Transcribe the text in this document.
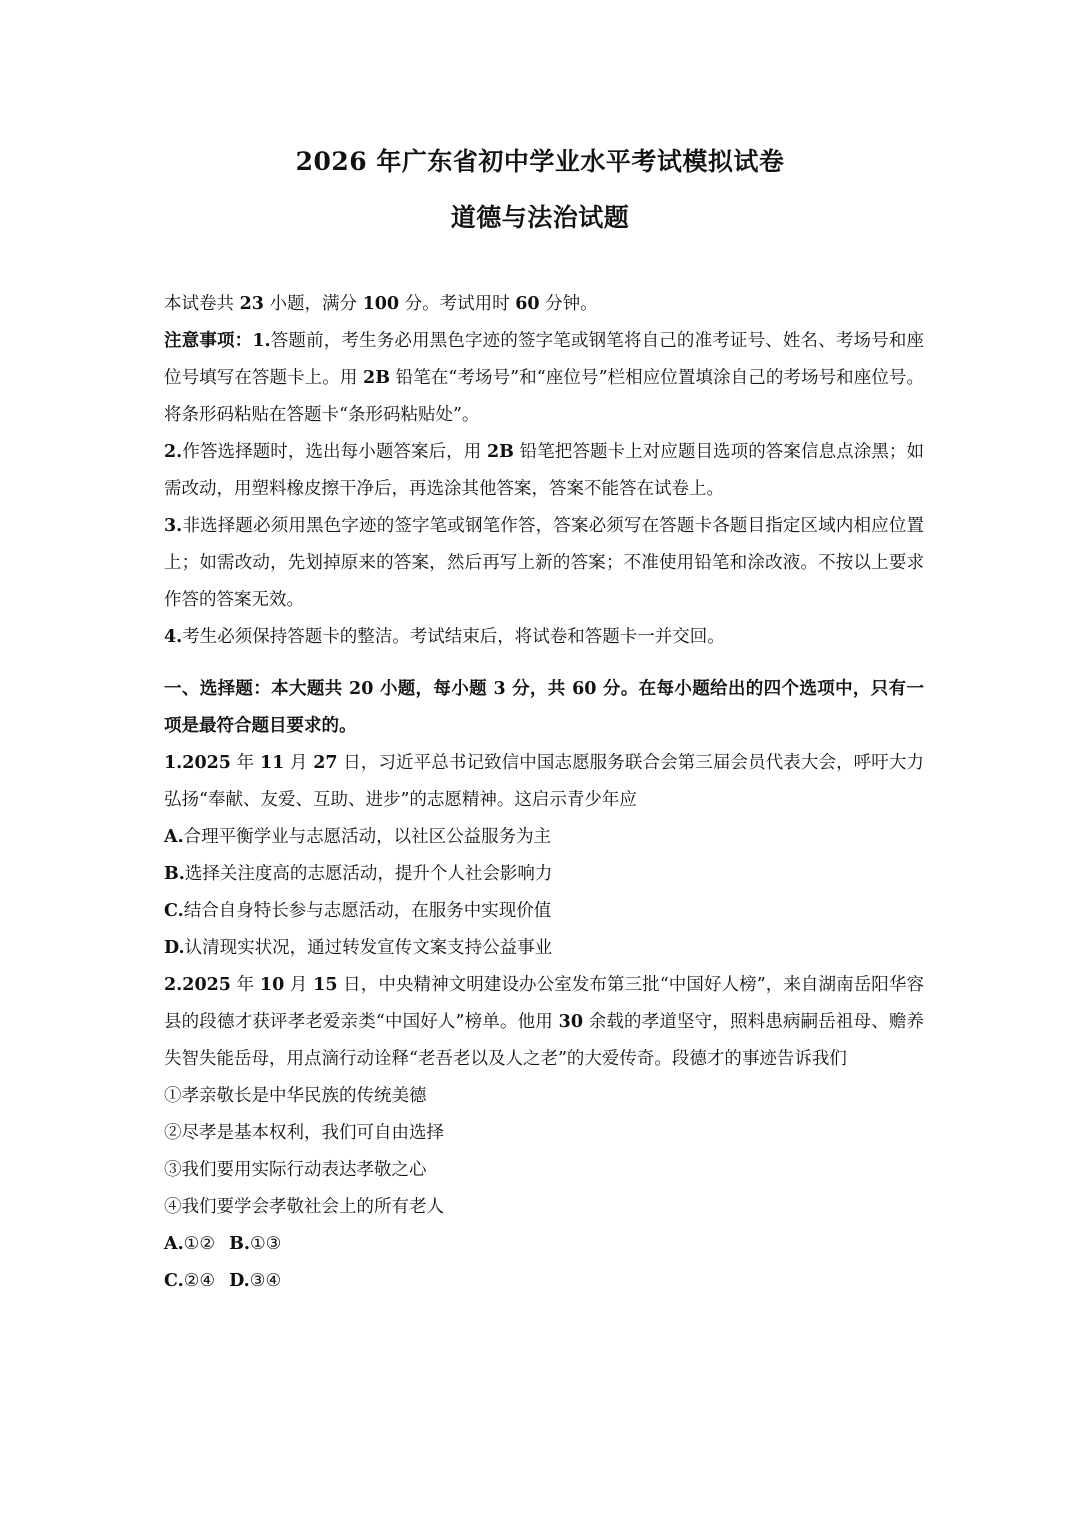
2026 年广东省初中学业水平考试模拟试卷
道德与法治试题

本试卷共 23 小题，满分 100 分。考试用时 60 分钟。

注意事项：1.答题前，考生务必用黑色字迹的签字笔或钢笔将自己的准考证号、姓名、考场号和座位号填写在答题卡上。用 2B 铅笔在“考场号”和“座位号”栏相应位置填涂自己的考场号和座位号。将条形码粘贴在答题卡“条形码粘贴处”。

2.作答选择题时，选出每小题答案后，用 2B 铅笔把答题卡上对应题目选项的答案信息点涂黑；如需改动，用塑料橡皮擦干净后，再选涂其他答案，答案不能答在试卷上。

3.非选择题必须用黑色字迹的签字笔或钢笔作答，答案必须写在答题卡各题目指定区域内相应位置上；如需改动，先划掉原来的答案，然后再写上新的答案；不准使用铅笔和涂改液。不按以上要求作答的答案无效。

4.考生必须保持答题卡的整洁。考试结束后，将试卷和答题卡一并交回。

一、选择题：本大题共 20 小题，每小题 3 分，共 60 分。在每小题给出的四个选项中，只有一项是最符合题目要求的。

1.2025 年 11 月 27 日，习近平总书记致信中国志愿服务联合会第三届会员代表大会，呼吁大力弘扬“奉献、友爱、互助、进步”的志愿精神。这启示青少年应

A.合理平衡学业与志愿活动，以社区公益服务为主

B.选择关注度高的志愿活动，提升个人社会影响力

C.结合自身特长参与志愿活动，在服务中实现价值

D.认清现实状况，通过转发宣传文案支持公益事业

2.2025 年 10 月 15 日，中央精神文明建设办公室发布第三批“中国好人榜”，来自湖南岳阳华容县的段德才获评孝老爱亲类“中国好人”榜单。他用 30 余载的孝道坚守，照料患病嗣岳祖母、赡养失智失能岳母，用点滴行动诠释“老吾老以及人之老”的大爱传奇。段德才的事迹告诉我们

①孝亲敬长是中华民族的传统美德

②尽孝是基本权利，我们可自由选择

③我们要用实际行动表达孝敬之心

④我们要学会孝敬社会上的所有老人

A.①② B.①③

C.②④ D.③④
